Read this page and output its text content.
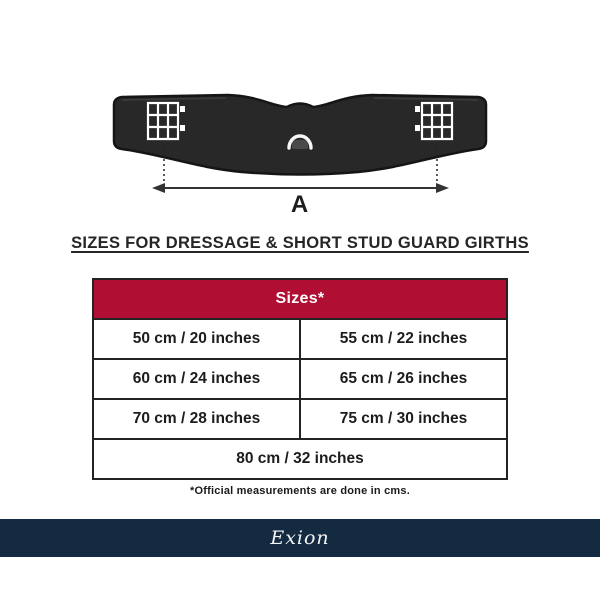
A
SIZES FOR DRESSAGE & SHORT STUD GUARD GIRTHS
Sizes*	
50 cm / 20 inches	55 cm / 22 inches
60 cm / 24 inches	65 cm / 26 inches
70 cm / 28 inches	75 cm / 30 inches
80 cm / 32 inches	
*Official measurements are done in cms.
Exion
